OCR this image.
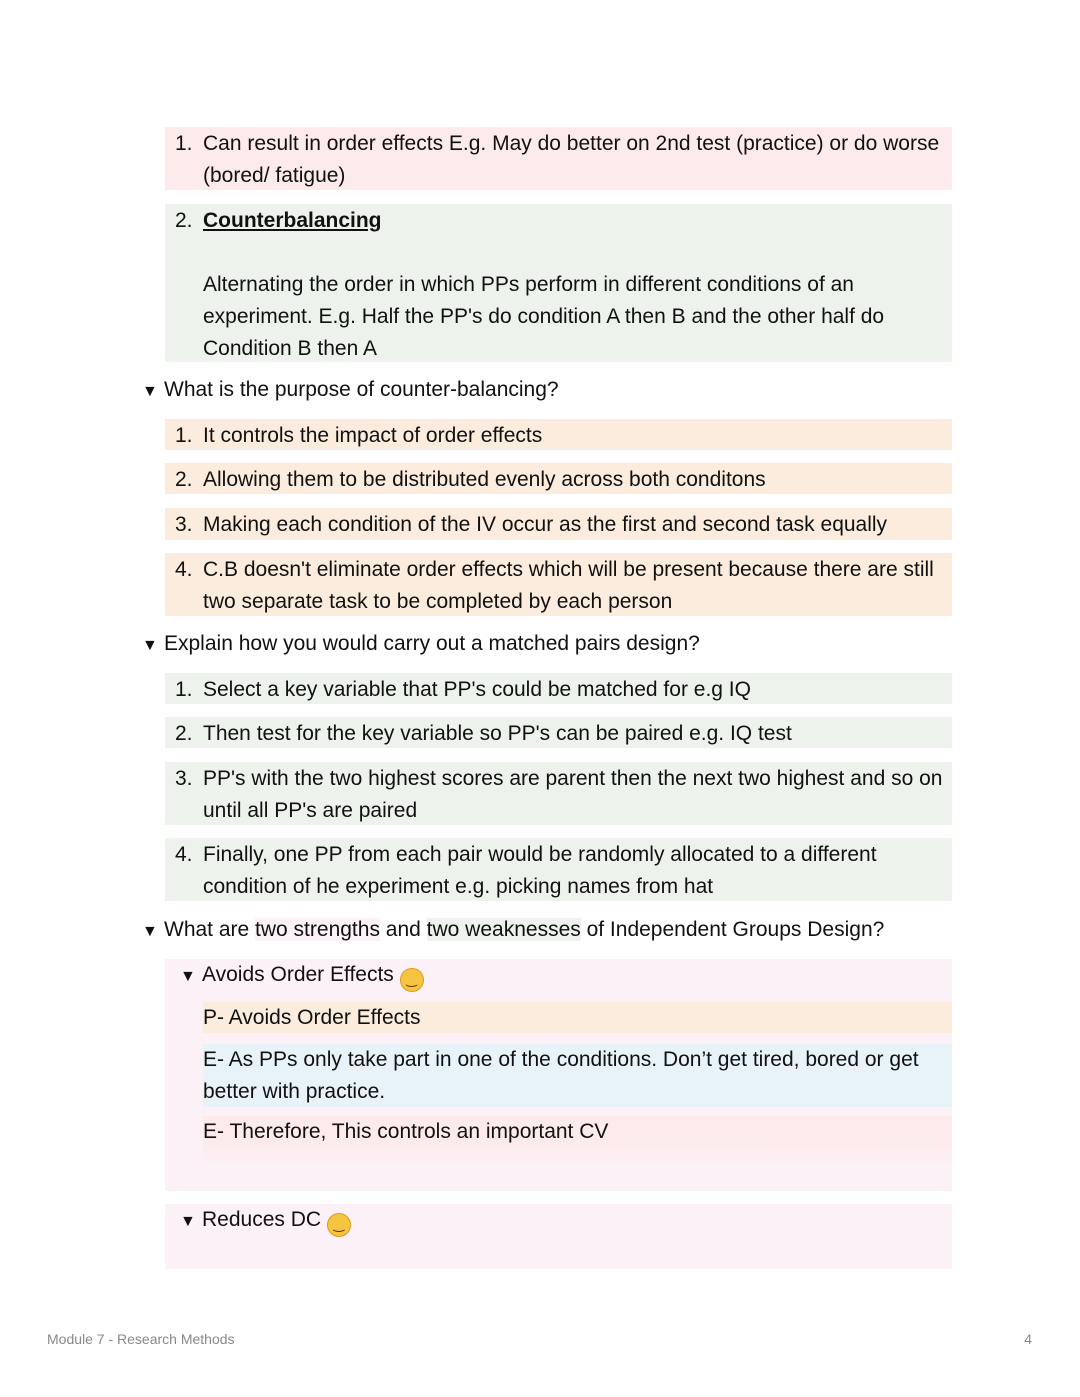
1. Can result in order effects E.g. May do better on 2nd test (practice) or do worse (bored/ fatigue)
2. Counterbalancing
Alternating the order in which PPs perform in different conditions of an experiment. E.g. Half the PP's do condition A then B and the other half do Condition B then A
▼ What is the purpose of counter-balancing?
1. It controls the impact of order effects
2. Allowing them to be distributed evenly across both conditons
3. Making each condition of the IV occur as the first and second task equally
4. C.B doesn't eliminate order effects which will be present because there are still two separate task to be completed by each person
▼ Explain how you would carry out a matched pairs design?
1. Select a key variable that PP's could be matched for e.g IQ
2. Then test for the key variable so PP's can be paired e.g. IQ test
3. PP's with the two highest scores are parent then the next two highest and so on until all PP's are paired
4. Finally, one PP from each pair would be randomly allocated to a different condition of he experiment e.g. picking names from hat
▼ What are two strengths and two weaknesses of Independent Groups Design?
▼ Avoids Order Effects ‿
P- Avoids Order Effects
E- As PPs only take part in one of the conditions. Don’t get tired, bored or get better with practice.
E- Therefore, This controls an important CV
▼ Reduces DC ‿
Module 7 - Research Methods	4
